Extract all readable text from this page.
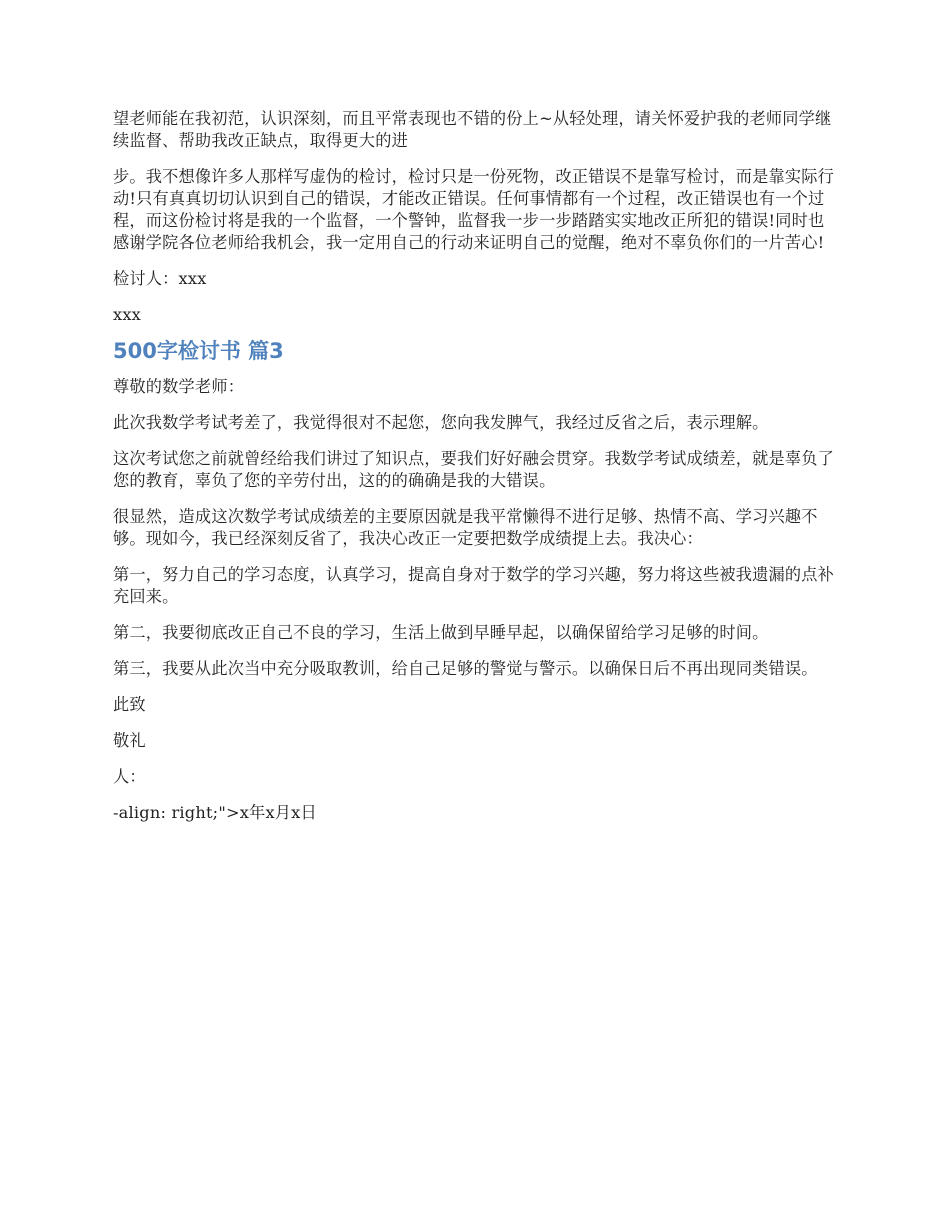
望老师能在我初范，认识深刻，而且平常表现也不错的份上~从轻处理，请关怀爱护我的老师同学继续监督、帮助我改正缺点，取得更大的进

步。我不想像许多人那样写虚伪的检讨，检讨只是一份死物，改正错误不是靠写检讨，而是靠实际行动!只有真真切切认识到自己的错误，才能改正错误。任何事情都有一个过程，改正错误也有一个过程，而这份检讨将是我的一个监督，一个警钟，监督我一步一步踏踏实实地改正所犯的错误!同时也感谢学院各位老师给我机会，我一定用自己的行动来证明自己的觉醒，绝对不辜负你们的一片苦心!

检讨人：xxx

xxx

500字检讨书 篇3

尊敬的数学老师：

此次我数学考试考差了，我觉得很对不起您，您向我发脾气，我经过反省之后，表示理解。

这次考试您之前就曾经给我们讲过了知识点，要我们好好融会贯穿。我数学考试成绩差，就是辜负了您的教育，辜负了您的辛劳付出，这的的确确是我的大错误。

很显然，造成这次数学考试成绩差的主要原因就是我平常懒得不进行足够、热情不高、学习兴趣不够。现如今，我已经深刻反省了，我决心改正一定要把数学成绩提上去。我决心：

第一，努力自己的学习态度，认真学习，提高自身对于数学的学习兴趣，努力将这些被我遗漏的点补充回来。

第二，我要彻底改正自己不良的学习，生活上做到早睡早起，以确保留给学习足够的时间。

第三，我要从此次当中充分吸取教训，给自己足够的警觉与警示。以确保日后不再出现同类错误。

此致

敬礼

人：

-align: right;">x年x月x日
